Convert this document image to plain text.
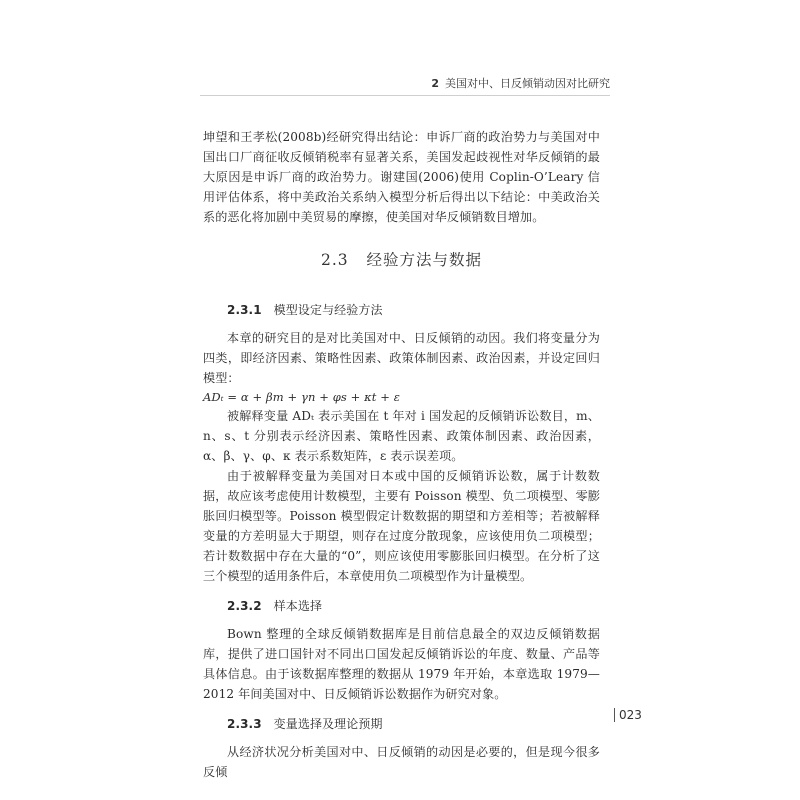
2 美国对中、日反倾销动因对比研究

坤望和王孝松(2008b)经研究得出结论：申诉厂商的政治势力与美国对中国出口厂商征收反倾销税率有显著关系，美国发起歧视性对华反倾销的最大原因是申诉厂商的政治势力。谢建国(2006)使用 Coplin-O’Leary 信用评估体系，将中美政治关系纳入模型分析后得出以下结论：中美政治关系的恶化将加剧中美贸易的摩擦，使美国对华反倾销数目增加。

2.3 经验方法与数据
2.3.1 模型设定与经验方法

本章的研究目的是对比美国对中、日反倾销的动因。我们将变量分为四类，即经济因素、策略性因素、政策体制因素、政治因素，并设定回归模型：

ADₜ = α + βm + γn + φs + κt + ε

被解释变量 ADₜ 表示美国在 t 年对 i 国发起的反倾销诉讼数目，m、n、s、t 分别表示经济因素、策略性因素、政策体制因素、政治因素，α、β、γ、φ、κ 表示系数矩阵，ε 表示误差项。

由于被解释变量为美国对日本或中国的反倾销诉讼数，属于计数数据，故应该考虑使用计数模型，主要有 Poisson 模型、负二项模型、零膨胀回归模型等。Poisson 模型假定计数数据的期望和方差相等；若被解释变量的方差明显大于期望，则存在过度分散现象，应该使用负二项模型；若计数数据中存在大量的“0”，则应该使用零膨胀回归模型。在分析了这三个模型的适用条件后，本章使用负二项模型作为计量模型。

2.3.2 样本选择

Bown 整理的全球反倾销数据库是目前信息最全的双边反倾销数据库，提供了进口国针对不同出口国发起反倾销诉讼的年度、数量、产品等具体信息。由于该数据库整理的数据从 1979 年开始，本章选取 1979—2012 年间美国对中、日反倾销诉讼数据作为研究对象。

2.3.3 变量选择及理论预期

从经济状况分析美国对中、日反倾销的动因是必要的，但是现今很多反倾

023
